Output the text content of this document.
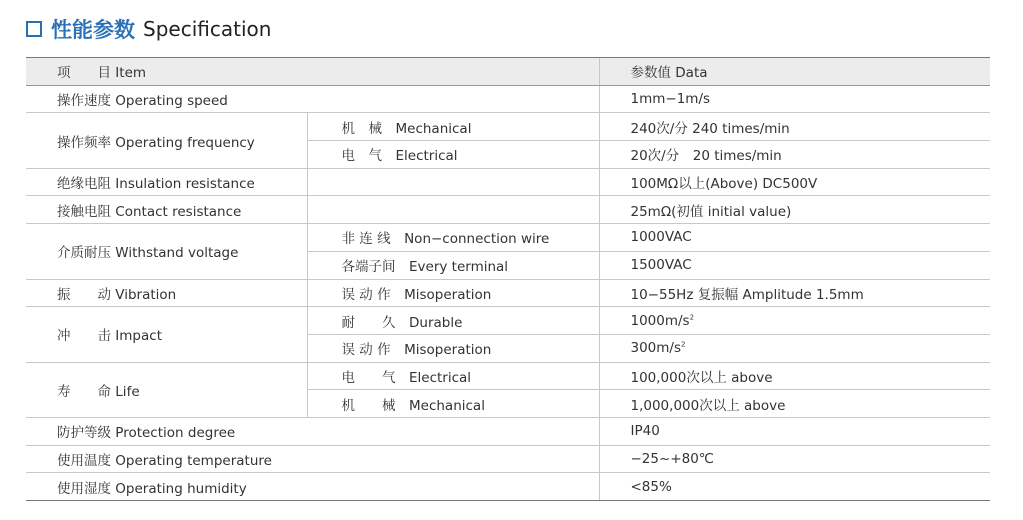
性能参数 Specification
项　　目 Item		参数值 Data
操作速度 Operating speed		1mm−1m/s
操作频率 Operating frequency	机　械　Mechanical	240次/分 240 times/min
	电　气　Electrical	20次/分　20 times/min
绝缘电阻 Insulation resistance		100MΩ以上(Above) DC500V
接触电阻 Contact resistance		25mΩ(初值 initial value)
介质耐压 Withstand voltage	非 连 线　Non−connection wire	1000VAC
	各端子间　Every terminal	1500VAC
振　　动 Vibration	误 动 作　Misoperation	10−55Hz 复振幅 Amplitude 1.5mm
冲　　击 Impact	耐　　久　Durable	$1000m/s^2$
	误 动 作　Misoperation	$300m/s^2$
寿　　命 Life	电　　气　Electrical	100,000次以上 above
	机　　械　Mechanical	1,000,000次以上 above
防护等级 Protection degree		IP40
使用温度 Operating temperature		−25~+80℃
使用湿度 Operating humidity		<85%
